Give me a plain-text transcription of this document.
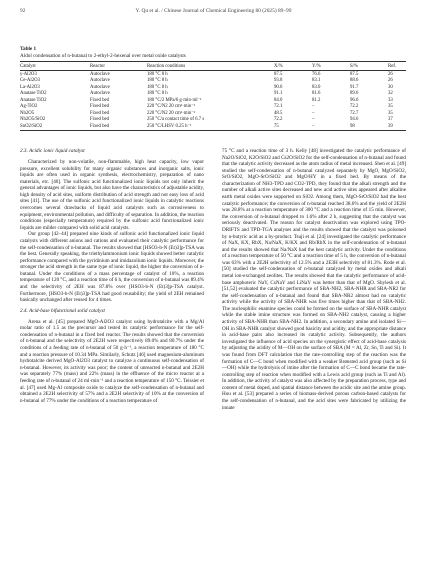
92	Y. Qu et al. / Chinese Journal of Chemical Engineering 80 (2025) 89–99
Table 1
Aldol condensation of n-butanal to 2-ethyl-2-hexenal over metal oxide catalysts
Catalyst	Reactor	Reaction conditions	X/%	Y/%	S/%	Ref.
γ-Al2O3	Autoclave	180 °C 8 h	87.5	76.6	87.5	26
Ce-Al2O3	Autoclave	180 °C 8 h	93.8	83.1	88.6	26
La-Al2O3	Autoclave	180 °C 8 h	90.6	83.0	91.7	30
Anatase TiO2	Autoclave	180 °C 8 h	91.1	81.6	89.6	32
Anatase TiO2	Fixed bed	180 °C/2 MPa/6 g·min·ml⁻¹	84.0	81.2	96.6	33
Ag-TiO2	Fixed bed	220 °C/N2 20 cm³·min⁻¹	72.1	–	72.2	35
Nb2O5	Fixed bed	220 °C/N2 20 cm³·min⁻¹	48.5	–	72.7	35
Nb2O5/SiO2	Fixed bed	250 °C/a contact time of 6.7 s	72.2	–	94.6	37
SnO2/SiO2	Fixed bed	250 °C/LHSV 0.25 h⁻¹	75	–	98	39
2.3. Acidic ionic liquid catalyst

Characterized by non-volatile, non-flammable, high heat capacity, low vapor pressure, excellent solubility for many organic substances and inorganic salts, ionic liquids are often used in organic synthesis, electrochemistry, preparation of nano materials, etc. [40]. The sulfonic acid functionalized ionic liquids not only inherit the general advantages of ionic liquids, but also have the characteristics of adjustable acidity, high density of acid sites, uniform distribution of acid strength and not easy loss of acid sites [41]. The use of the sulfonic acid functionalized ionic liquids in catalytic reactions overcomes several drawbacks of liquid acid catalysts such as corrosiveness to equipment, environmental pollution, and difficulty of separation. In addition, the reaction conditions (especially temperature) required by the sulfonic acid functionalized ionic liquids are milder compared with solid acid catalysts.

Our group [42–44] prepared nine kinds of sulfonic acid functionalized ionic liquid catalysts with different anions and cations and evaluated their catalytic performance for the self-condensation of n-butanal. The results showed that [HSO3-b-N (Et)3]p-TSA was the best. Generally speaking, the triethylammonium ionic liquids showed better catalytic performance compared with the pyridinium and imidazolium ionic liquids. Moreover, the stronger the acid strength in the same type of ionic liquid, the higher the conversion of n-butanal. Under the conditions of a mass percentage of catalyst of 10%, a reaction temperature of 120 °C, and a reaction time of 6 h, the conversion of n-butanal was 89.4% and the selectivity of 2EH was 87.8% over [HSO3-b-N (Et)3]p-TSA catalyst. Furthermore, [HSO3-b-N (Et)3]p-TSA had good reusability; the yield of 2EH remained basically unchanged after reused for 4 times.

2.4. Acid-base bifunctional solid catalyst

Arena et al. [45] prepared MgO-Al2O3 catalyst using hydrotalcite with a Mg/Al molar ratio of 1.5 as the precursor and tested its catalytic performance for the self-condensation of n-butanal in a fixed bed reactor. The results showed that the conversion of n-butanal and the selectivity of 2E2H were respectively 89.0% and 80.7% under the conditions of a feeding rate of n-butanal of 50 g·h⁻¹, a reaction temperature of 180 °C and a reaction pressure of 10.34 MPa. Similarly, Schutz [46] used magnesium-aluminum hydrotalcite derived MgO-Al2O3 catalyst to catalyze a continuous self-condensation of n-butanal. However, its activity was poor; the content of unreacted n-butanal and 2E2H was separately 77% (mass) and 22% (mass) in the effluence of the micro reactor at a feeding rate of n-butanal of 24 ml·min⁻¹ and a reaction temperature of 150 °C. Teissier et al. [47] used Mg-Al composite oxide to catalyze the self-condensation of n-butanal and obtained a 2E2H selectivity of 57% and a 2E2H selectivity of 10% at the conversion of n-butanal of 77% under the conditions of a reaction temperature of

75 °C and a reaction time of 3 h. Kelly [48] investigated the catalytic performance of Na2O/SiO2, K2O/SiO2 and Cs2O/SiO2 for the self-condensation of n-butanal and found that the catalytic activity decreased as the atom radius of metal increased. Shen et al. [49] studied the self-condensation of n-butanal catalyzed separately by MgO, MgO/SiO2, SrO/SiO2, MgO-SrO/SiO2 and MgO/HY in a fixed bed. By means of the characterization of NH3-TPD and CO2-TPD, they found that the alkali strength and the number of alkali active sites decreased and new acid active sites appeared after alkaline earth metal oxides were supported on SiO2. Among them, MgO-SrO/SiO2 had the best catalytic performance; the conversion of n-butanal reached 38.6% and the yield of 2E2H was 28.8% at a reaction temperature of 300 °C and a reaction time of 15 min. However, the conversion of n-butanal dropped to 1.6% after 2 h, suggesting that the catalyst was seriously deactivated. The reason for catalyst deactivation was explored using TPO-DRIFTS and TPD-TGA analyses and the results showed that the catalyst was poisoned by n-butyric acid as a by-product. Tsuji et al. [24] investigated the catalytic performance of NaX, KX, RbX, Na/NaX, K/KX and Rb/RbX in the self-condensation of n-butanal and the results showed that Na/NaX had the best catalytic activity. Under the conditions of a reaction temperature of 50 °C and a reaction time of 5 h, the conversion of n-butanal was 63% with a 2E2H selectivity of 12.5% and a 2E3H selectivity of 81.3%. Rode et al. [50] studied the self-condensation of n-butanal catalyzed by metal oxides and alkali metal ion-exchanged zeolites. The results showed that the catalytic performance of acid-base amphoteric NaY, CsNaY and LiNaY was better than that of MgO. Shylesh et al. [51,52] evaluated the catalytic performance of SBA-NH2, SBA-NHR and SBA-NR2 for the self-condensation of n-butanal and found that SBA-NR2 almost had no catalytic activity while the activity of SBA-NHR was five times higher than that of SBA-NH2. The nucleophilic enamine species could be formed on the surface of SBA-NHR catalyst while the stable imine structure was formed on SBA-NH2 catalyst, causing a higher activity of SBA-NHR than SBA-NH2. In addition, a secondary amine and isolated Si—OH in SBA-NHR catalyst showed good basicity and acidity, and the appropriate distance in acid-base pairs also increased its catalytic activity. Subsequently, the authors investigated the influence of acid species on the synergistic effect of acid-base catalysis by adjusting the acidity of M—OH on the surface of SBA (M = Al, Zr, Sn, Ti and Si). It was found from DFT calculation that the rate-controlling step of the reaction was the formation of C—C bond when modified with a weaker Brønsted acid group (such as Si—OH) while the hydrolysis of imine after the formation of C—C bond became the rate-controlling step of reaction when modified with a Lewis acid group (such as Ti and Al). In addition, the activity of catalyst was also affected by the preparation process, type and content of metal doped, and spatial distance between the acidic site and the amine group. Hou et al. [53] prepared a series of biomass-derived porous carbon-based catalysts for the self-condensation of n-butanal, and the acid sites were fabricated by utilizing the innate
